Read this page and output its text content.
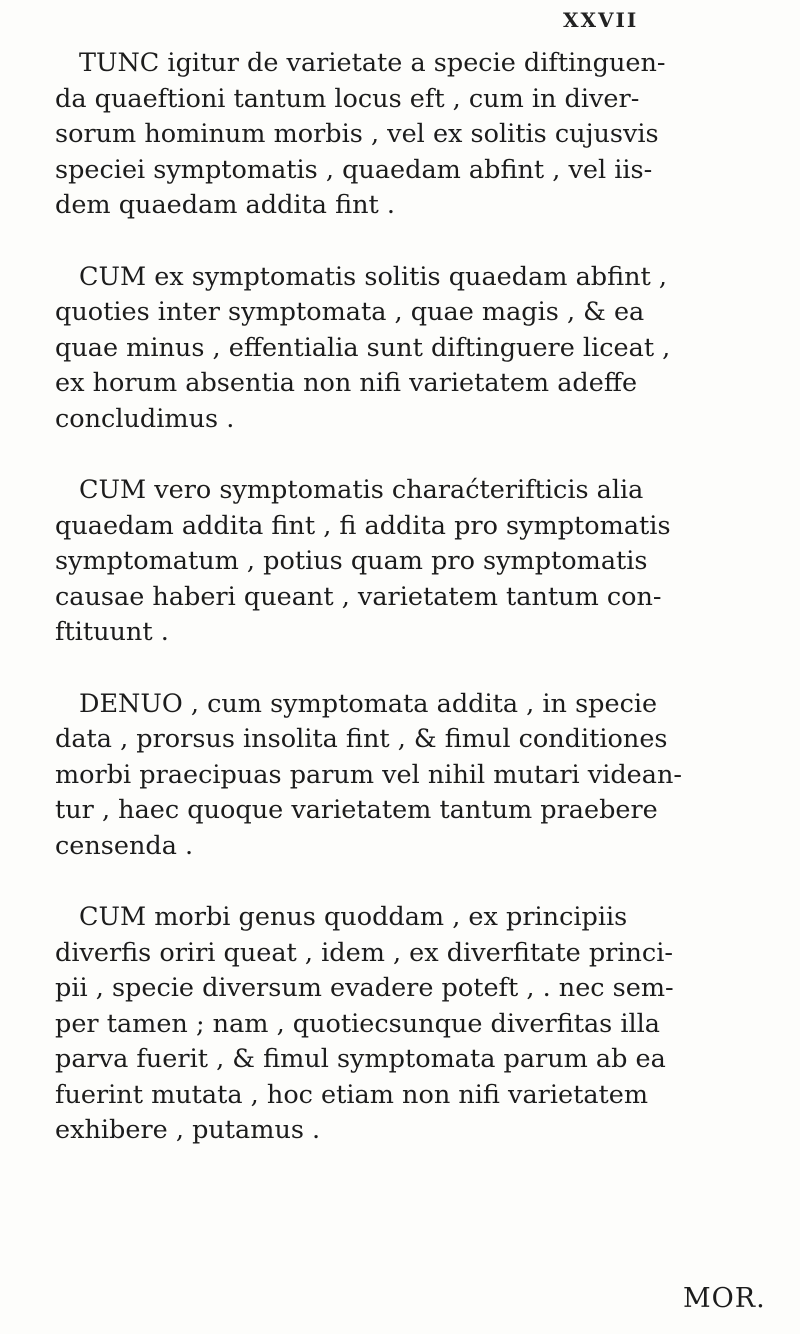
XXVII

TUNC igitur de varietate a specie diftinguen-
da quaeftioni tantum locus eft , cum in diver-
sorum hominum morbis , vel ex solitis cujusvis
speciei symptomatis , quaedam abfint , vel iis-
dem quaedam addita fint .

CUM ex symptomatis solitis quaedam abfint ,
quoties inter symptomata , quae magis , & ea
quae minus , effentialia sunt diftinguere liceat ,
ex horum absentia non nifi varietatem adeffe
concludimus .

CUM vero symptomatis charaćterifticis alia
quaedam addita fint , fi addita pro symptomatis
symptomatum , potius quam pro symptomatis
causae haberi queant , varietatem tantum con-
ftituunt .

DENUO , cum symptomata addita , in specie
data , prorsus insolita fint , & fimul conditiones
morbi praecipuas parum vel nihil mutari videan-
tur , haec quoque varietatem tantum praebere
censenda .

CUM morbi genus quoddam , ex principiis
diverfis oriri queat , idem , ex diverfitate princi-
pii , specie diversum evadere poteft , . nec sem-
per tamen ; nam , quotiecsunque diverfitas illa
parva fuerit , & fimul symptomata parum ab ea
fuerint mutata , hoc etiam non nifi varietatem
exhibere , putamus .

MOR.
